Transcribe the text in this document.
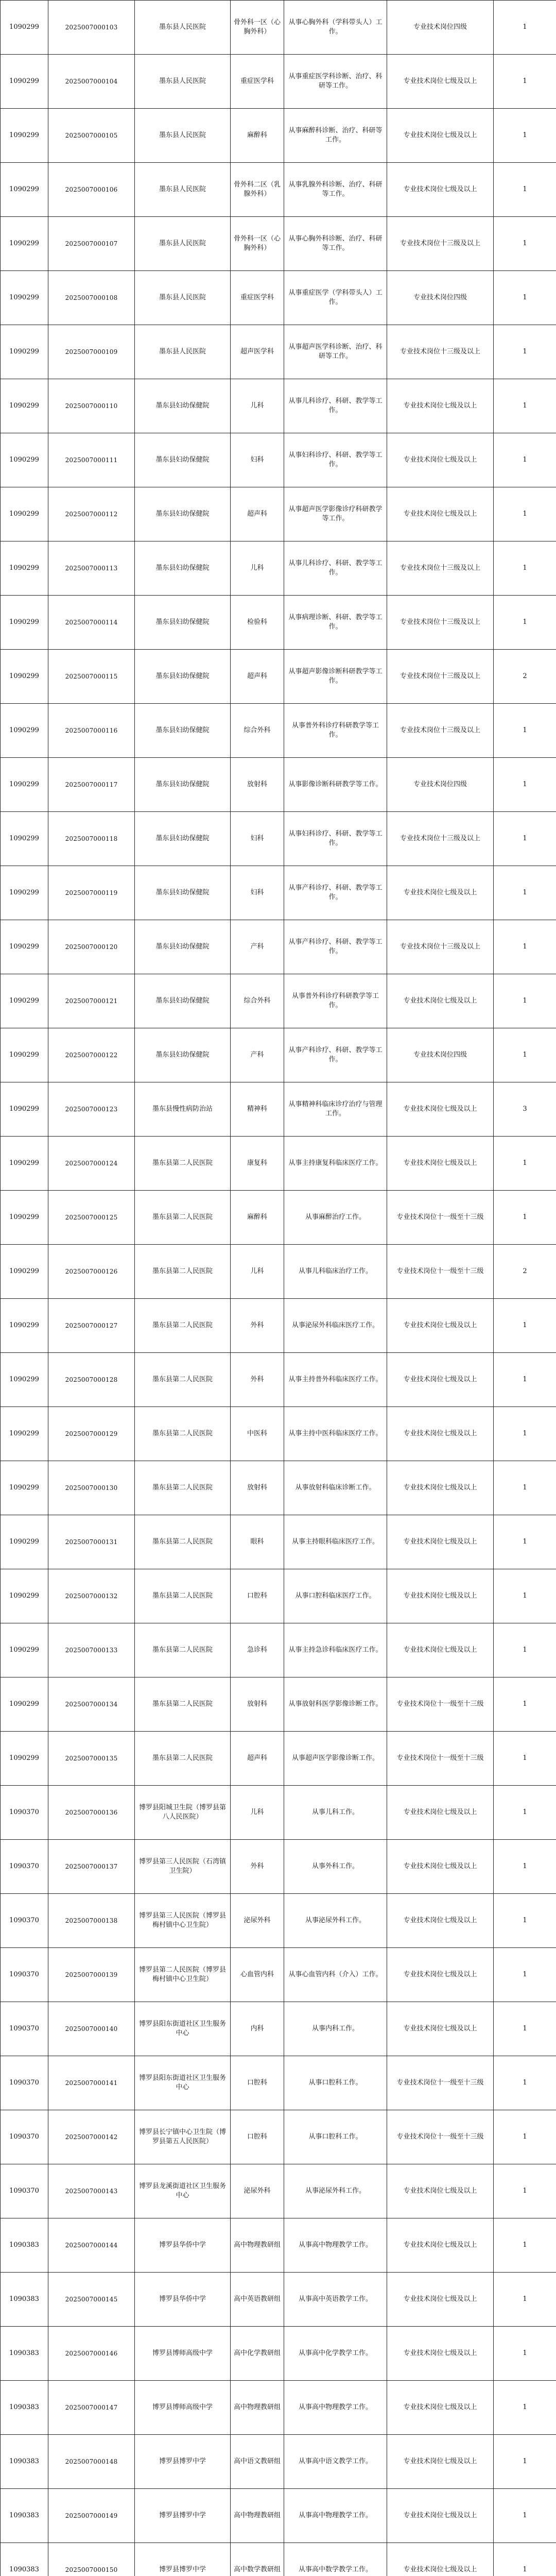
1090299	2025007000103	墨东县人民医院	骨外科一区（心胸外科）	从事心胸外科（学科带头人）工作。	专业技术岗位四级	1
1090299	2025007000104	墨东县人民医院	重症医学科	从事重症医学科诊断、治疗、科研等工作。	专业技术岗位七级及以上	1
1090299	2025007000105	墨东县人民医院	麻醉科	从事麻醉科诊断、治疗、科研等工作。	专业技术岗位七级及以上	1
1090299	2025007000106	墨东县人民医院	骨外科二区（乳腺外科）	从事乳腺外科诊断、治疗、科研等工作。	专业技术岗位七级及以上	1
1090299	2025007000107	墨东县人民医院	骨外科一区（心胸外科）	从事心胸外科诊断、治疗、科研等工作。	专业技术岗位十三级及以上	1
1090299	2025007000108	墨东县人民医院	重症医学科	从事重症医学（学科带头人）工作。	专业技术岗位四级	1
1090299	2025007000109	墨东县人民医院	超声医学科	从事超声医学科诊断、治疗、科研等工作。	专业技术岗位十三级及以上	1
1090299	2025007000110	墨东县妇幼保健院	儿科	从事儿科诊疗、科研、教学等工作。	专业技术岗位七级及以上	1
1090299	2025007000111	墨东县妇幼保健院	妇科	从事妇科诊疗、科研、教学等工作。	专业技术岗位七级及以上	1
1090299	2025007000112	墨东县妇幼保健院	超声科	从事超声医学影像诊疗科研教学等工作。	专业技术岗位七级及以上	1
1090299	2025007000113	墨东县妇幼保健院	儿科	从事儿科诊疗、科研、教学等工作。	专业技术岗位十三级及以上	1
1090299	2025007000114	墨东县妇幼保健院	检验科	从事病理诊断、科研、教学等工作。	专业技术岗位十三级及以上	1
1090299	2025007000115	墨东县妇幼保健院	超声科	从事超声影像诊断科研教学等工作。	专业技术岗位十三级及以上	2
1090299	2025007000116	墨东县妇幼保健院	综合外科	从事普外科诊疗科研教学等工作。	专业技术岗位十三级及以上	1
1090299	2025007000117	墨东县妇幼保健院	放射科	从事影像诊断科研教学等工作。	专业技术岗位四级	1
1090299	2025007000118	墨东县妇幼保健院	妇科	从事妇科诊疗、科研、教学等工作。	专业技术岗位十三级及以上	1
1090299	2025007000119	墨东县妇幼保健院	妇科	从事产科诊疗、科研、教学等工作。	专业技术岗位七级及以上	1
1090299	2025007000120	墨东县妇幼保健院	产科	从事产科诊疗、科研、教学等工作。	专业技术岗位十三级及以上	1
1090299	2025007000121	墨东县妇幼保健院	综合外科	从事普外科诊疗科研教学等工作。	专业技术岗位七级及以上	1
1090299	2025007000122	墨东县妇幼保健院	产科	从事产科诊疗、科研、教学等工作。	专业技术岗位四级	1
1090299	2025007000123	墨东县慢性病防治站	精神科	从事精神科临床诊疗治疗与管理工作。	专业技术岗位七级及以上	3
1090299	2025007000124	墨东县第二人民医院	康复科	从事主持康复科临床医疗工作。	专业技术岗位七级及以上	1
1090299	2025007000125	墨东县第二人民医院	麻醉科	从事麻醉治疗工作。	专业技术岗位十一级至十三级	1
1090299	2025007000126	墨东县第二人民医院	儿科	从事儿科临床治疗工作。	专业技术岗位十一级至十三级	2
1090299	2025007000127	墨东县第二人民医院	外科	从事泌尿外科临床医疗工作。	专业技术岗位七级及以上	1
1090299	2025007000128	墨东县第二人民医院	外科	从事主持普外科临床医疗工作。	专业技术岗位七级及以上	1
1090299	2025007000129	墨东县第二人民医院	中医科	从事主持中医科临床医疗工作。	专业技术岗位七级及以上	1
1090299	2025007000130	墨东县第二人民医院	放射科	从事放射科临床诊断工作。	专业技术岗位七级及以上	1
1090299	2025007000131	墨东县第二人民医院	眼科	从事主持眼科临床医疗工作。	专业技术岗位七级及以上	1
1090299	2025007000132	墨东县第二人民医院	口腔科	从事口腔科临床医疗工作。	专业技术岗位七级及以上	1
1090299	2025007000133	墨东县第二人民医院	急诊科	从事主持急诊科临床医疗工作。	专业技术岗位七级及以上	1
1090299	2025007000134	墨东县第二人民医院	放射科	从事放射科医学影像诊断工作。	专业技术岗位十一级至十三级	1
1090299	2025007000135	墨东县第二人民医院	超声科	从事超声医学影像诊断工作。	专业技术岗位十一级至十三级	1
1090370	2025007000136	博罗县阳城卫生院（博罗县第八人民医院）	儿科	从事儿科工作。	专业技术岗位七级及以上	1
1090370	2025007000137	博罗县第三人民医院（石湾镇卫生院）	外科	从事外科工作。	专业技术岗位七级及以上	1
1090370	2025007000138	博罗县第三人民医院（博罗县梅村镇中心卫生院）	泌尿外科	从事泌尿外科工作。	专业技术岗位七级及以上	1
1090370	2025007000139	博罗县第二人民医院（博罗县梅村镇中心卫生院）	心血管内科	从事心血管内科（介入）工作。	专业技术岗位七级及以上	1
1090370	2025007000140	博罗县阳东街道社区卫生服务中心	内科	从事内科工作。	专业技术岗位七级及以上	1
1090370	2025007000141	博罗县阳东街道社区卫生服务中心	口腔科	从事口腔科工作。	专业技术岗位十一级至十三级	1
1090370	2025007000142	博罗县长宁镇中心卫生院（博罗县第五人民医院）	口腔科	从事口腔科工作。	专业技术岗位十一级至十三级	1
1090370	2025007000143	博罗县龙溪街道社区卫生服务中心	泌尿外科	从事泌尿外科工作。	专业技术岗位七级及以上	1
1090383	2025007000144	博罗县华侨中学	高中物理教研组	从事高中物理教学工作。	专业技术岗位七级及以上	1
1090383	2025007000145	博罗县华侨中学	高中英语教研组	从事高中英语教学工作。	专业技术岗位七级及以上	1
1090383	2025007000146	博罗县博师高级中学	高中化学教研组	从事高中化学教学工作。	专业技术岗位七级及以上	1
1090383	2025007000147	博罗县博师高级中学	高中物理教研组	从事高中物理教学工作。	专业技术岗位七级及以上	1
1090383	2025007000148	博罗县博罗中学	高中语文教研组	从事高中语文教学工作。	专业技术岗位七级及以上	1
1090383	2025007000149	博罗县博罗中学	高中物理教研组	从事高中物理教学工作。	专业技术岗位七级及以上	1
1090383	2025007000150	博罗县博罗中学	高中数学教研组	从事高中数学教学工作。	专业技术岗位七级及以上	1
